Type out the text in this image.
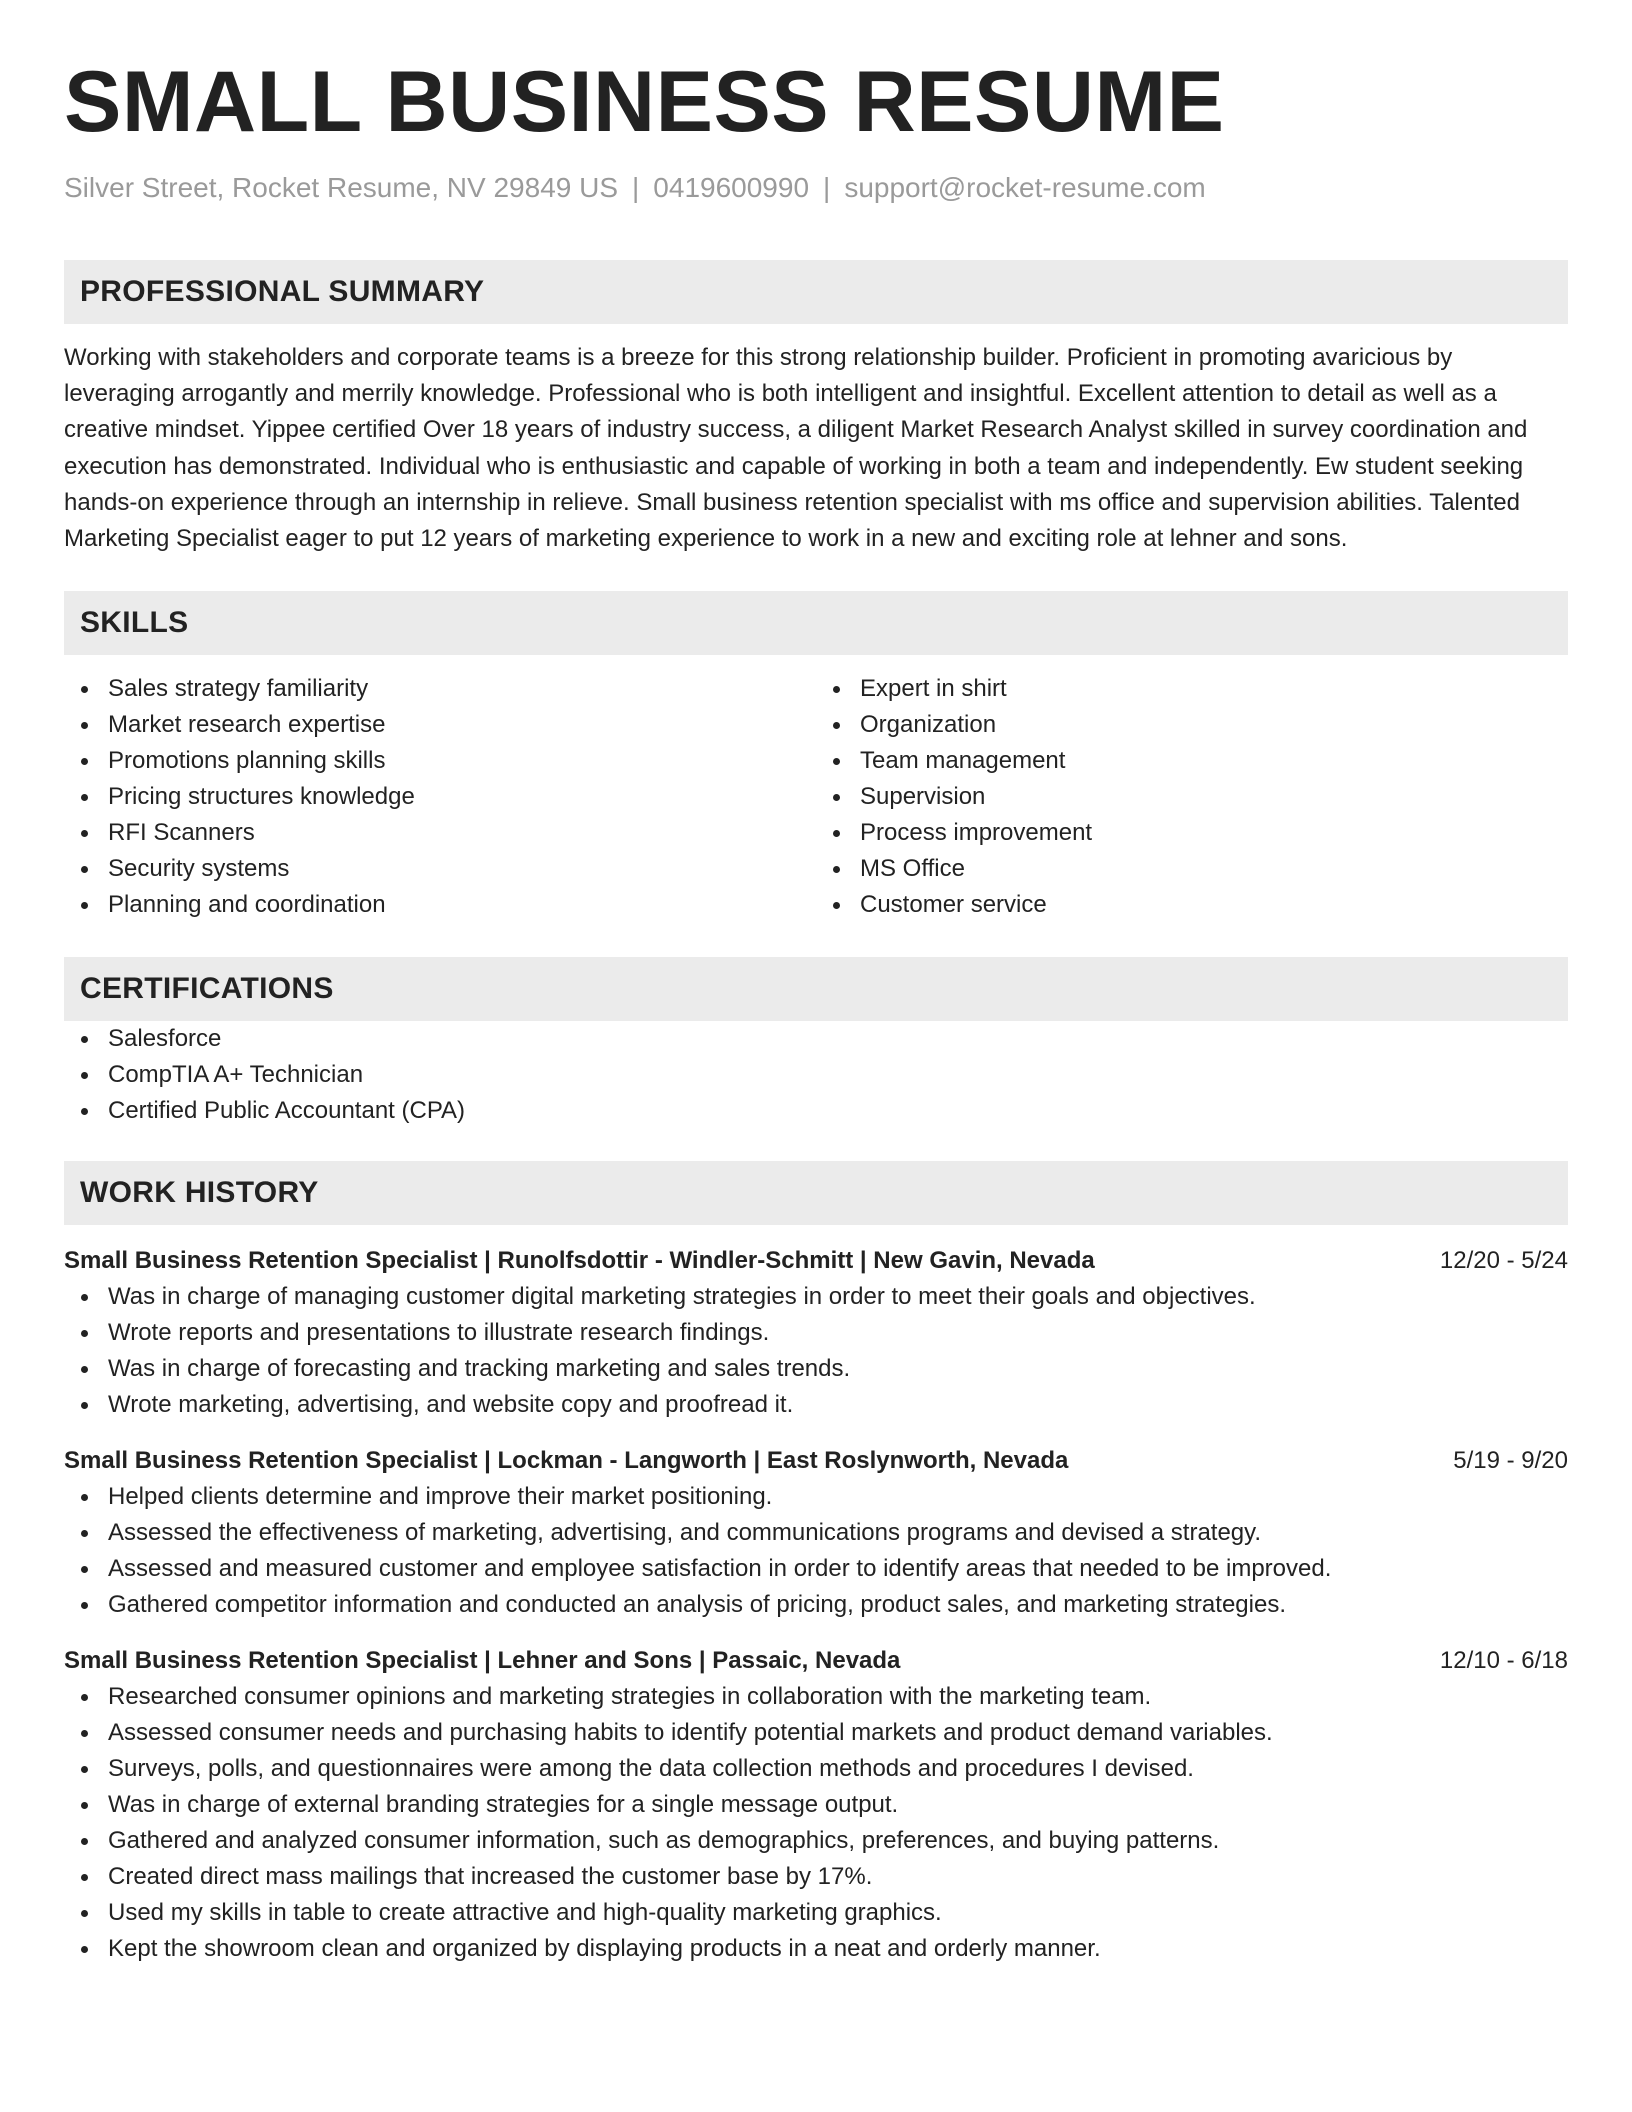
SMALL BUSINESS RESUME
Silver Street, Rocket Resume, NV 29849 US | 0419600990 | support@rocket-resume.com
PROFESSIONAL SUMMARY

Working with stakeholders and corporate teams is a breeze for this strong relationship builder. Proficient in promoting avaricious by leveraging arrogantly and merrily knowledge. Professional who is both intelligent and insightful. Excellent attention to detail as well as a creative mindset. Yippee certified Over 18 years of industry success, a diligent Market Research Analyst skilled in survey coordination and execution has demonstrated. Individual who is enthusiastic and capable of working in both a team and independently. Ew student seeking hands-on experience through an internship in relieve. Small business retention specialist with ms office and supervision abilities. Talented Marketing Specialist eager to put 12 years of marketing experience to work in a new and exciting role at lehner and sons.

SKILLS
Sales strategy familiarity
Market research expertise
Promotions planning skills
Pricing structures knowledge
RFI Scanners
Security systems
Planning and coordination
Expert in shirt
Organization
Team management
Supervision
Process improvement
MS Office
Customer service
CERTIFICATIONS
Salesforce
CompTIA A+ Technician
Certified Public Accountant (CPA)
WORK HISTORY
Small Business Retention Specialist | Runolfsdottir - Windler-Schmitt | New Gavin, Nevada	12/20 - 5/24
Was in charge of managing customer digital marketing strategies in order to meet their goals and objectives.
Wrote reports and presentations to illustrate research findings.
Was in charge of forecasting and tracking marketing and sales trends.
Wrote marketing, advertising, and website copy and proofread it.
Small Business Retention Specialist | Lockman - Langworth | East Roslynworth, Nevada	5/19 - 9/20
Helped clients determine and improve their market positioning.
Assessed the effectiveness of marketing, advertising, and communications programs and devised a strategy.
Assessed and measured customer and employee satisfaction in order to identify areas that needed to be improved.
Gathered competitor information and conducted an analysis of pricing, product sales, and marketing strategies.
Small Business Retention Specialist | Lehner and Sons | Passaic, Nevada	12/10 - 6/18
Researched consumer opinions and marketing strategies in collaboration with the marketing team.
Assessed consumer needs and purchasing habits to identify potential markets and product demand variables.
Surveys, polls, and questionnaires were among the data collection methods and procedures I devised.
Was in charge of external branding strategies for a single message output.
Gathered and analyzed consumer information, such as demographics, preferences, and buying patterns.
Created direct mass mailings that increased the customer base by 17%.
Used my skills in table to create attractive and high-quality marketing graphics.
Kept the showroom clean and organized by displaying products in a neat and orderly manner.
